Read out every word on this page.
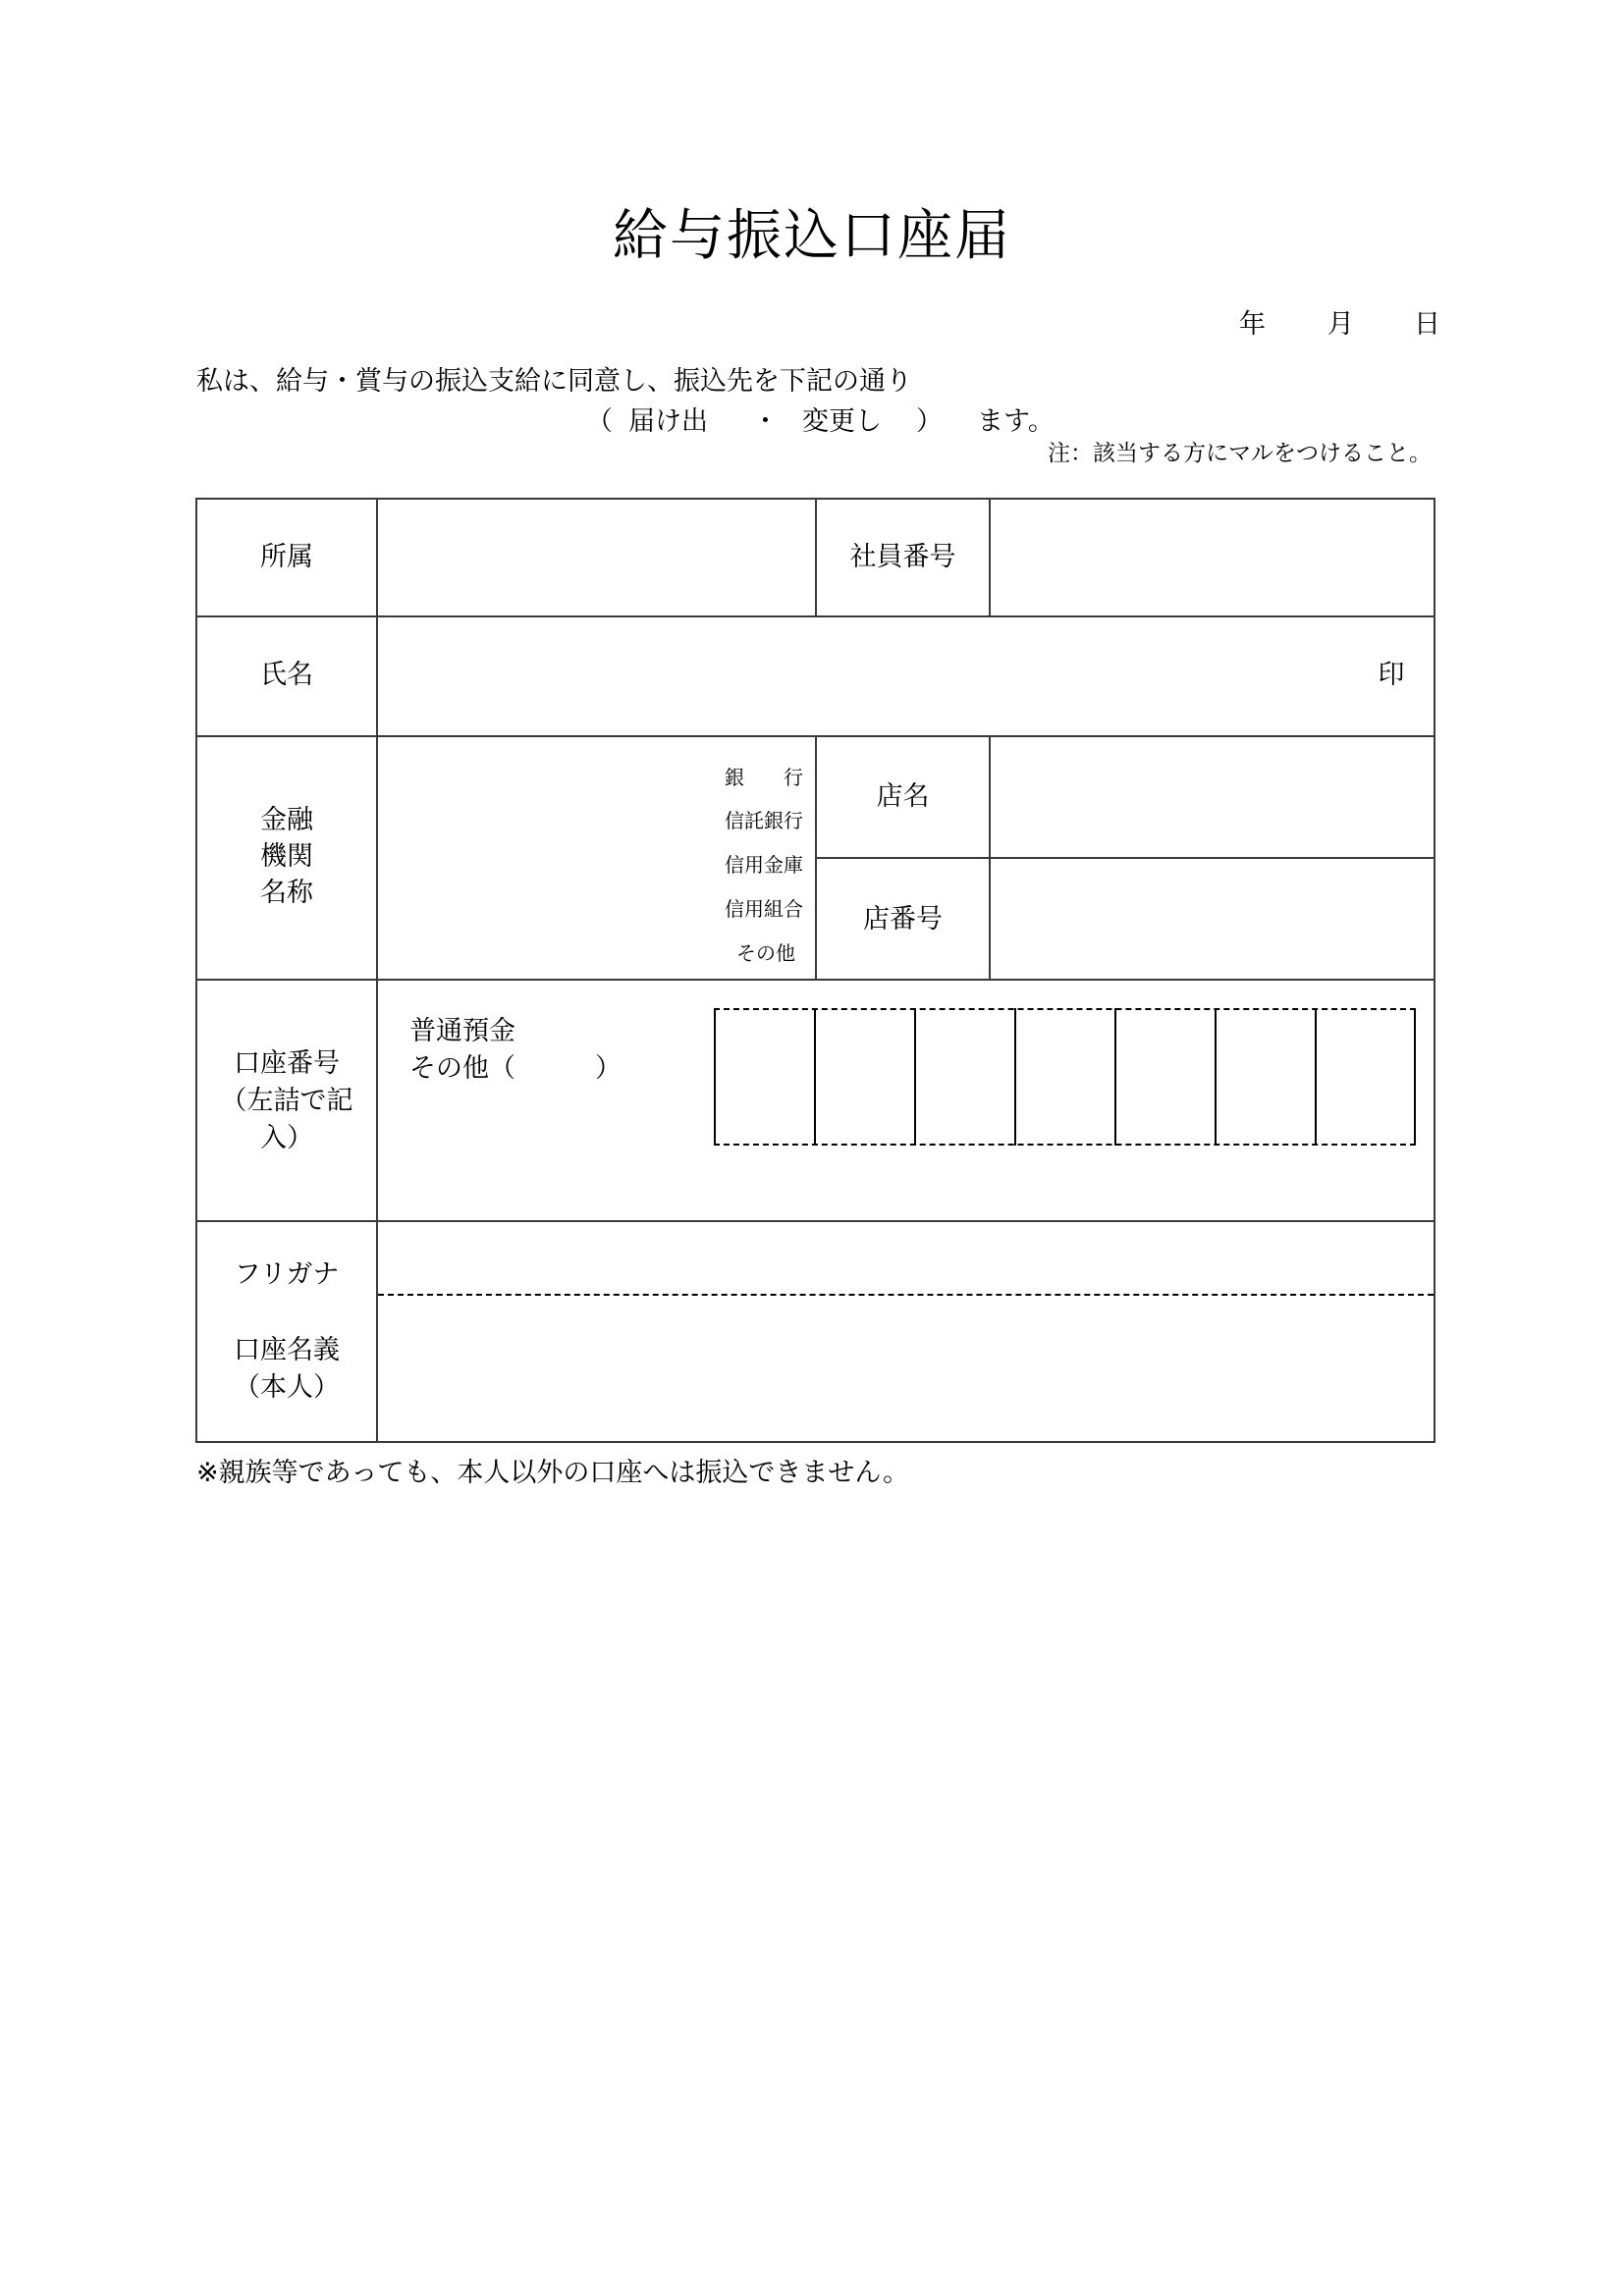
給与振込口座届
年 月 日
私は、給与・賞与の振込支給に同意し、振込先を下記の通り
（ 届け出 ・ 変更し ） ます。
注：該当する方にマルをつけること。
所属	社員番号
氏名	印
金融
機関
名称
銀　　行
信託銀行
信用金庫
信用組合
その他
店名
店番号
口座番号
（左詰で記
入）
普通預金
その他（　　　）
フリガナ
口座名義
（本人）
※親族等であっても、本人以外の口座へは振込できません。
